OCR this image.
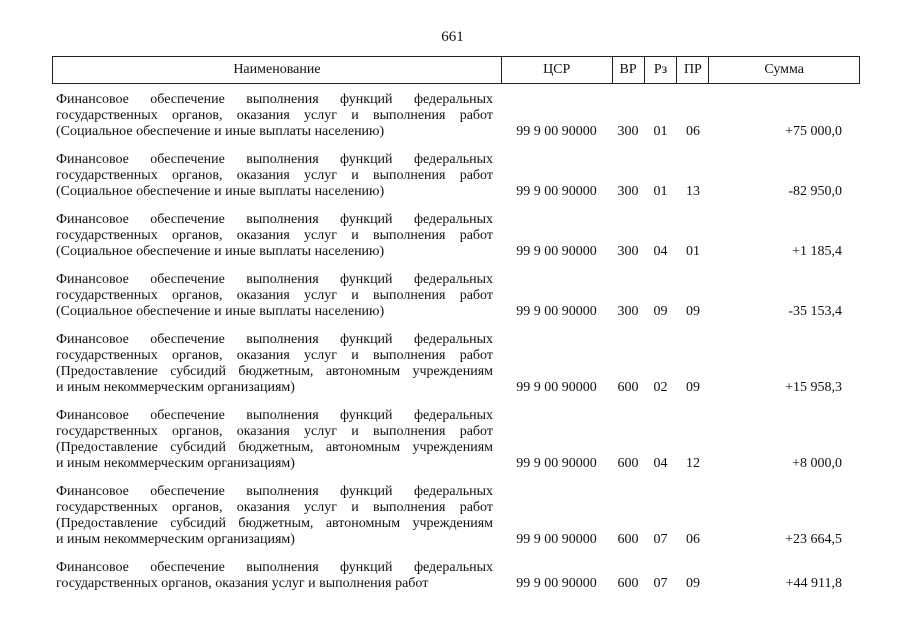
661
Наименование	ЦСР	ВР	Рз	ПР	Сумма
Финансовое обеспечение выполнения функций федеральных
государственных органов, оказания услуг и выполнения работ
(Социальное обеспечение и иные выплаты населению)	99 9 00 90000	300	01	06	+75 000,0
Финансовое обеспечение выполнения функций федеральных
государственных органов, оказания услуг и выполнения работ
(Социальное обеспечение и иные выплаты населению)	99 9 00 90000	300	01	13	-82 950,0
Финансовое обеспечение выполнения функций федеральных
государственных органов, оказания услуг и выполнения работ
(Социальное обеспечение и иные выплаты населению)	99 9 00 90000	300	04	01	+1 185,4
Финансовое обеспечение выполнения функций федеральных
государственных органов, оказания услуг и выполнения работ
(Социальное обеспечение и иные выплаты населению)	99 9 00 90000	300	09	09	-35 153,4
Финансовое обеспечение выполнения функций федеральных
государственных органов, оказания услуг и выполнения работ
(Предоставление субсидий бюджетным, автономным учреждениям
и иным некоммерческим организациям)	99 9 00 90000	600	02	09	+15 958,3
Финансовое обеспечение выполнения функций федеральных
государственных органов, оказания услуг и выполнения работ
(Предоставление субсидий бюджетным, автономным учреждениям
и иным некоммерческим организациям)	99 9 00 90000	600	04	12	+8 000,0
Финансовое обеспечение выполнения функций федеральных
государственных органов, оказания услуг и выполнения работ
(Предоставление субсидий бюджетным, автономным учреждениям
и иным некоммерческим организациям)	99 9 00 90000	600	07	06	+23 664,5
Финансовое обеспечение выполнения функций федеральных
государственных органов, оказания услуг и выполнения работ	99 9 00 90000	600	07	09	+44 911,8
